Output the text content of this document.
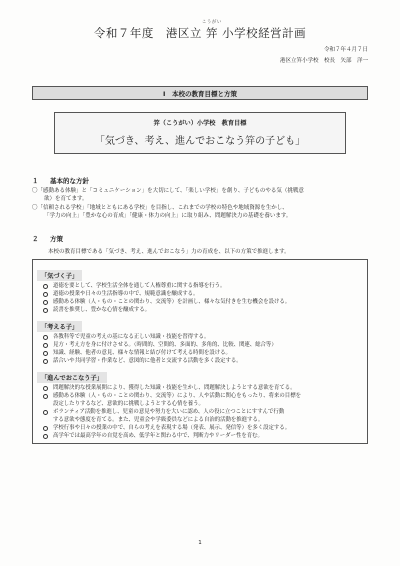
こうがい
令和７年度　港区立 笄 小学校経営計画
令和７年４月７日
港区立笄小学校　校長　矢部　洋一
Ⅰ　本校の教育目標と方策
笄（こうがい）小学校　教育目標
「気づき、考え、進んでおこなう笄の子ども」
１ 基本的な方針
〇「感動ある体験」と「コミュニケーション」を大切にして、「楽しい学校」を創り、子どものやる気（挑戦意
欲）を育てます。
〇「信頼される学校」「地域とともにある学校」を目指し、これまでの学校の特色や地域資源を生かし、
「学力の向上」「豊かな心の育成」「健康・体力の向上」に取り組み、問題解決力の基礎を養います。
２ 方策
本校の教育目標である「気づき、考え、進んでおこなう」力の育成を、以下の方策で推進します。
「気づく子」
道徳を要として、学校生活全体を通して人権尊重に関する指導を行う。
道徳の授業や日々の生活指導の中で、規範意識を醸成する。
感動ある体験（人・もの・ことの関わり、交流等）を計画し、様々な気付きを生む機会を設ける。
読書を推奨し、豊かな心情を醸成する。
「考える子」
各教科等で児童の考えの基になる正しい知識・技能を習得する。
見方・考え方を身に付けさせる。（時間的、空間的、多面的、多角的、比較、関連、総合等）
知識、経験、他者の意見、様々な情報と結び付けて考える時間を設ける。
話合いや共同学習・作業など、意図的に他者と交流する活動を多く設定する。
「進んでおこなう子」
問題解決的な授業展開により、獲得した知識・技能を生かし、問題解決しようとする意欲を育てる。
感動ある体験（人・もの・ことの関わり、交流等）により、人や活動に関心をもったり、将来の目標を
設定したりするなど、意欲的に挑戦しようとする心情を養う。
ボランティア活動を推進し、児童の意見や努力を大いに認め、人の役に立つことにすすんで行動
する意欲や態度を育てる。また、児童会や学級委員などによる自治的活動を推進する。
学校行事や日々の授業の中で、自らの考えを表現する場（発表、展示、発信等）を多く設定する。
高学年では最高学年の自覚を高め、低学年と関わる中で、判断力やリーダー性を育む。
1
